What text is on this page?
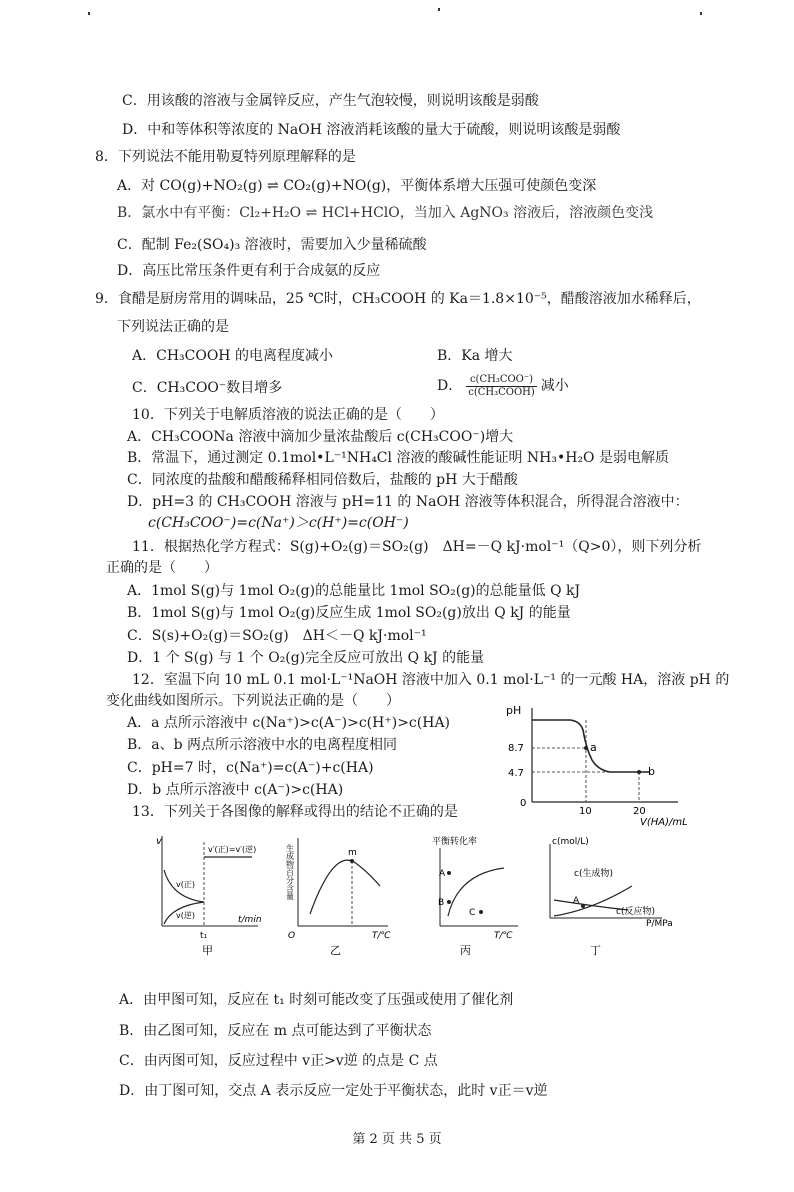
C．用该酸的溶液与金属锌反应，产生气泡较慢，则说明该酸是弱酸
D．中和等体积等浓度的 NaOH 溶液消耗该酸的量大于硫酸，则说明该酸是弱酸
8．下列说法不能用勒夏特列原理解释的是
A．对 CO(g)+NO₂(g) ⇌ CO₂(g)+NO(g)，平衡体系增大压强可使颜色变深
B．氯水中有平衡：Cl₂+H₂O ⇌ HCl+HClO，当加入 AgNO₃ 溶液后，溶液颜色变浅
C．配制 Fe₂(SO₄)₃ 溶液时，需要加入少量稀硫酸
D．高压比常压条件更有利于合成氨的反应
9．食醋是厨房常用的调味品，25 ℃时，CH₃COOH 的 Ka＝1.8×10⁻⁵，醋酸溶液加水稀释后，
下列说法正确的是
A．CH₃COOH 的电离程度减小	B．Ka 增大
C．CH₃COO⁻数目增多	D． $\frac{\text{c(CH₃COO⁻)}}{\text{c(CH₃COOH)}}$ 减小
10．下列关于电解质溶液的说法正确的是（　　）
A．CH₃COONa 溶液中滴加少量浓盐酸后 c(CH₃COO⁻)增大
B．常温下，通过测定 0.1mol•L⁻¹NH₄Cl 溶液的酸碱性能证明 NH₃•H₂O 是弱电解质
C．同浓度的盐酸和醋酸稀释相同倍数后，盐酸的 pH 大于醋酸
D．pH=3 的 CH₃COOH 溶液与 pH=11 的 NaOH 溶液等体积混合，所得混合溶液中：
c(CH₃COO⁻)=c(Na⁺)＞c(H⁺)=c(OH⁻)
11．根据热化学方程式：S(g)+O₂(g)＝SO₂(g)　ΔH=－Q kJ·mol⁻¹（Q>0），则下列分析
正确的是（　　）
A．1mol S(g)与 1mol O₂(g)的总能量比 1mol SO₂(g)的总能量低 Q kJ
B．1mol S(g)与 1mol O₂(g)反应生成 1mol SO₂(g)放出 Q kJ 的能量
C．S(s)+O₂(g)＝SO₂(g)　ΔH＜－Q kJ·mol⁻¹
D．1 个 S(g) 与 1 个 O₂(g)完全反应可放出 Q kJ 的能量
12．室温下向 10 mL 0.1 mol·L⁻¹NaOH 溶液中加入 0.1 mol·L⁻¹ 的一元酸 HA，溶液 pH 的
变化曲线如图所示。下列说法正确的是（　　）
A．a 点所示溶液中 c(Na⁺)>c(A⁻)>c(H⁺)>c(HA)
B．a、b 两点所示溶液中水的电离程度相同
C．pH=7 时，c(Na⁺)=c(A⁻)+c(HA)
D．b 点所示溶液中 c(A⁻)>c(HA)
pH
a
b
8.7
4.7
0
10	20
V(HA)/mL
13．下列关于各图像的解释或得出的结论不正确的是
v
v′(正)=v′(逆)
v(正)
v(逆)
t₁
t/min
甲
生成物百分含量	m
O	T/℃
乙
平衡转化率
A
B
C
T/℃
丙
c(mol/L)
A
c(生成物)
c(反应物)
P/MPa
丁
A．由甲图可知，反应在 t₁ 时刻可能改变了压强或使用了催化剂
B．由乙图可知，反应在 m 点可能达到了平衡状态
C．由丙图可知，反应过程中 v正>v逆 的点是 C 点
D．由丁图可知，交点 A 表示反应一定处于平衡状态，此时 v正＝v逆
第 2 页 共 5 页
